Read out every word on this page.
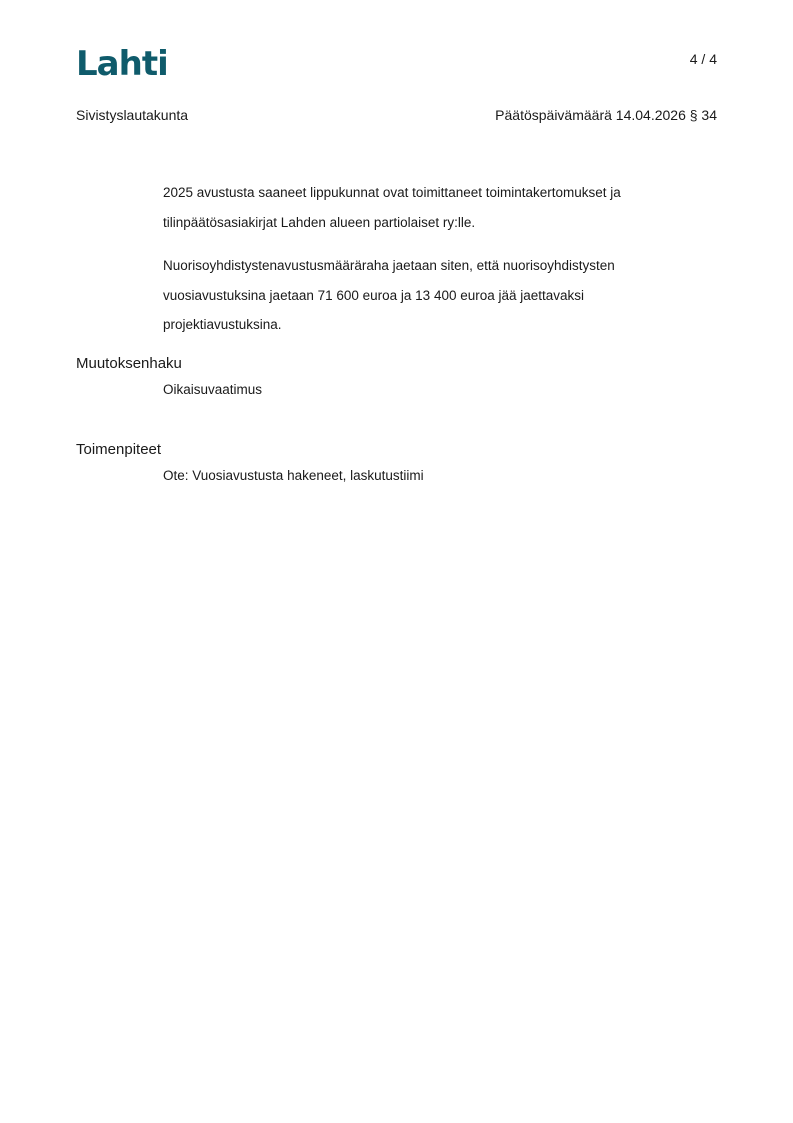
Lahti	4 / 4
Sivistyslautakunta	Päätöspäivämäärä 14.04.2026 § 34

2025 avustusta saaneet lippukunnat ovat toimittaneet toimintakertomukset ja tilinpäätösasiakirjat Lahden alueen partiolaiset ry:lle.

Nuorisoyhdistystenavustusmääräraha jaetaan siten, että nuorisoyhdistysten vuosiavustuksina jaetaan 71 600 euroa ja 13 400 euroa jää jaettavaksi projektiavustuksina.

Muutoksenhaku
Oikaisuvaatimus
Toimenpiteet
Ote: Vuosiavustusta hakeneet, laskutustiimi
